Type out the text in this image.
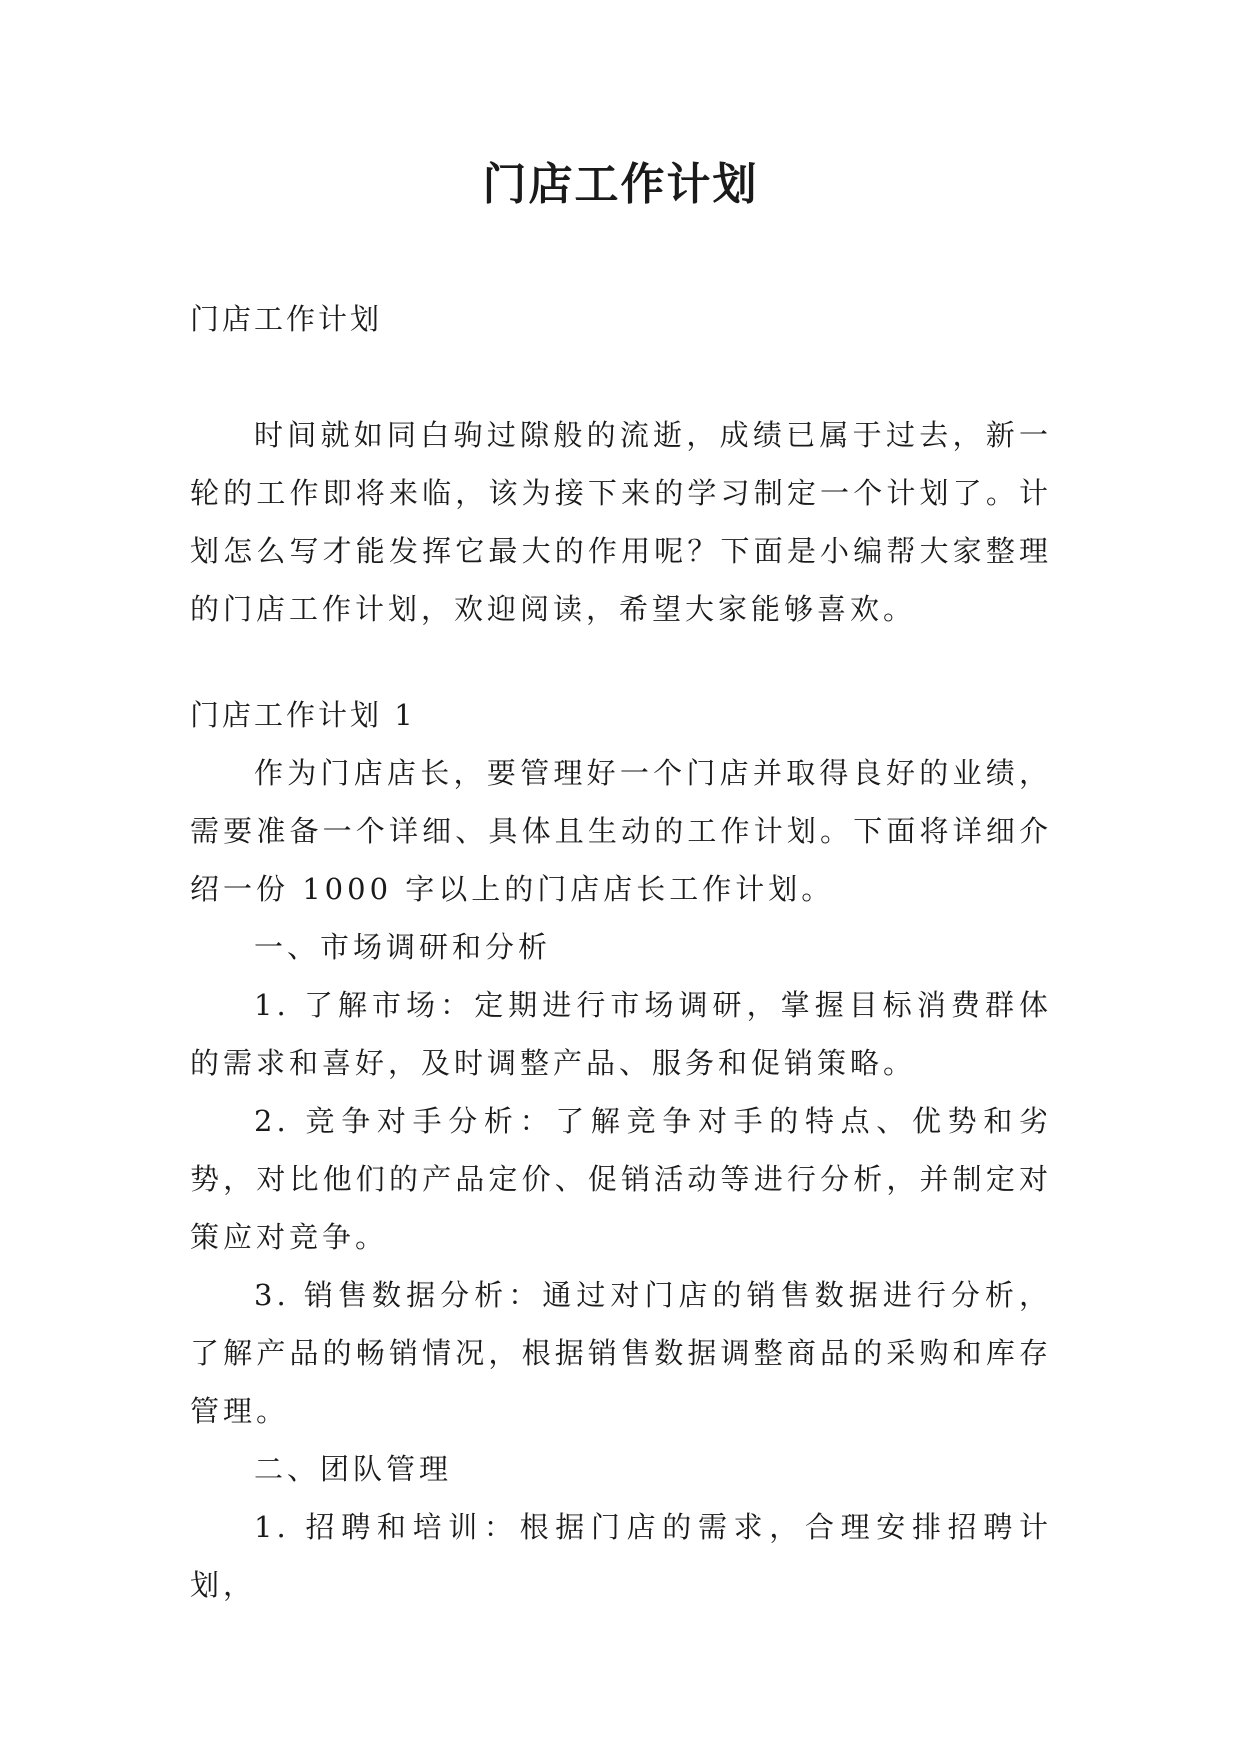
门店工作计划

门店工作计划

时间就如同白驹过隙般的流逝，成绩已属于过去，新一轮的工作即将来临，该为接下来的学习制定一个计划了。计划怎么写才能发挥它最大的作用呢？下面是小编帮大家整理的门店工作计划，欢迎阅读，希望大家能够喜欢。

门店工作计划 1

作为门店店长，要管理好一个门店并取得良好的业绩，需要准备一个详细、具体且生动的工作计划。下面将详细介绍一份 1000 字以上的门店店长工作计划。

一、市场调研和分析

1. 了解市场：定期进行市场调研，掌握目标消费群体的需求和喜好，及时调整产品、服务和促销策略。

2. 竞争对手分析：了解竞争对手的特点、优势和劣势，对比他们的产品定价、促销活动等进行分析，并制定对策应对竞争。

3. 销售数据分析：通过对门店的销售数据进行分析，了解产品的畅销情况，根据销售数据调整商品的采购和库存管理。

二、团队管理

1. 招聘和培训：根据门店的需求，合理安排招聘计划，
